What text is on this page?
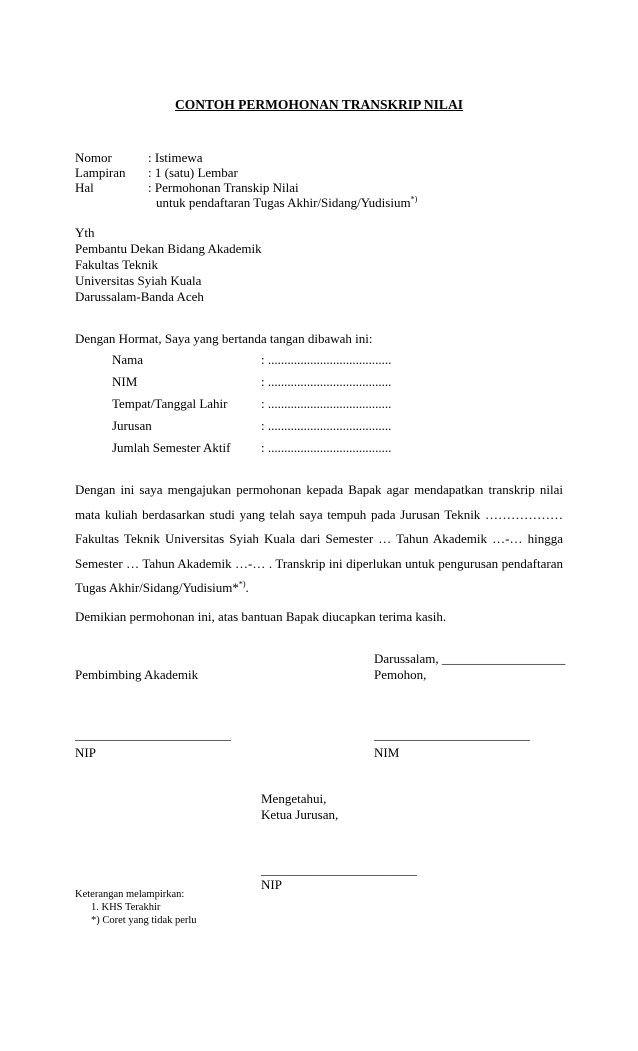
CONTOH PERMOHONAN TRANSKRIP NILAI
Nomor	: Istimewa
Lampiran : 1 (satu) Lembar
Hal	: Permohonan Transkip Nilai
untuk pendaftaran Tugas Akhir/Sidang/Yudisium*)
Yth
Pembantu Dekan Bidang Akademik
Fakultas Teknik
Universitas Syiah Kuala
Darussalam-Banda Aceh
Dengan Hormat, Saya yang bertanda tangan dibawah ini:
Nama	: ......................................
NIM	: ......................................
Tempat/Tanggal Lahir	: ......................................
Jurusan	: ......................................
Jumlah Semester Aktif : ......................................
Dengan ini saya mengajukan permohonan kepada Bapak agar mendapatkan transkrip nilai mata kuliah berdasarkan studi yang telah saya tempuh pada Jurusan Teknik ……………… Fakultas Teknik Universitas Syiah Kuala dari Semester … Tahun Akademik …-… hingga Semester … Tahun Akademik …-… . Transkrip ini diperlukan untuk pengurusan pendaftaran Tugas Akhir/Sidang/Yudisium**).
Demikian permohonan ini, atas bantuan Bapak diucapkan terima kasih.
Darussalam, ___________________
Pembimbing Akademik	Pemohon,
________________________	________________________
NIP	NIM
Mengetahui,
Ketua Jurusan,
________________________
NIP
Keterangan melampirkan:
1. KHS Terakhir
*) Coret yang tidak perlu
